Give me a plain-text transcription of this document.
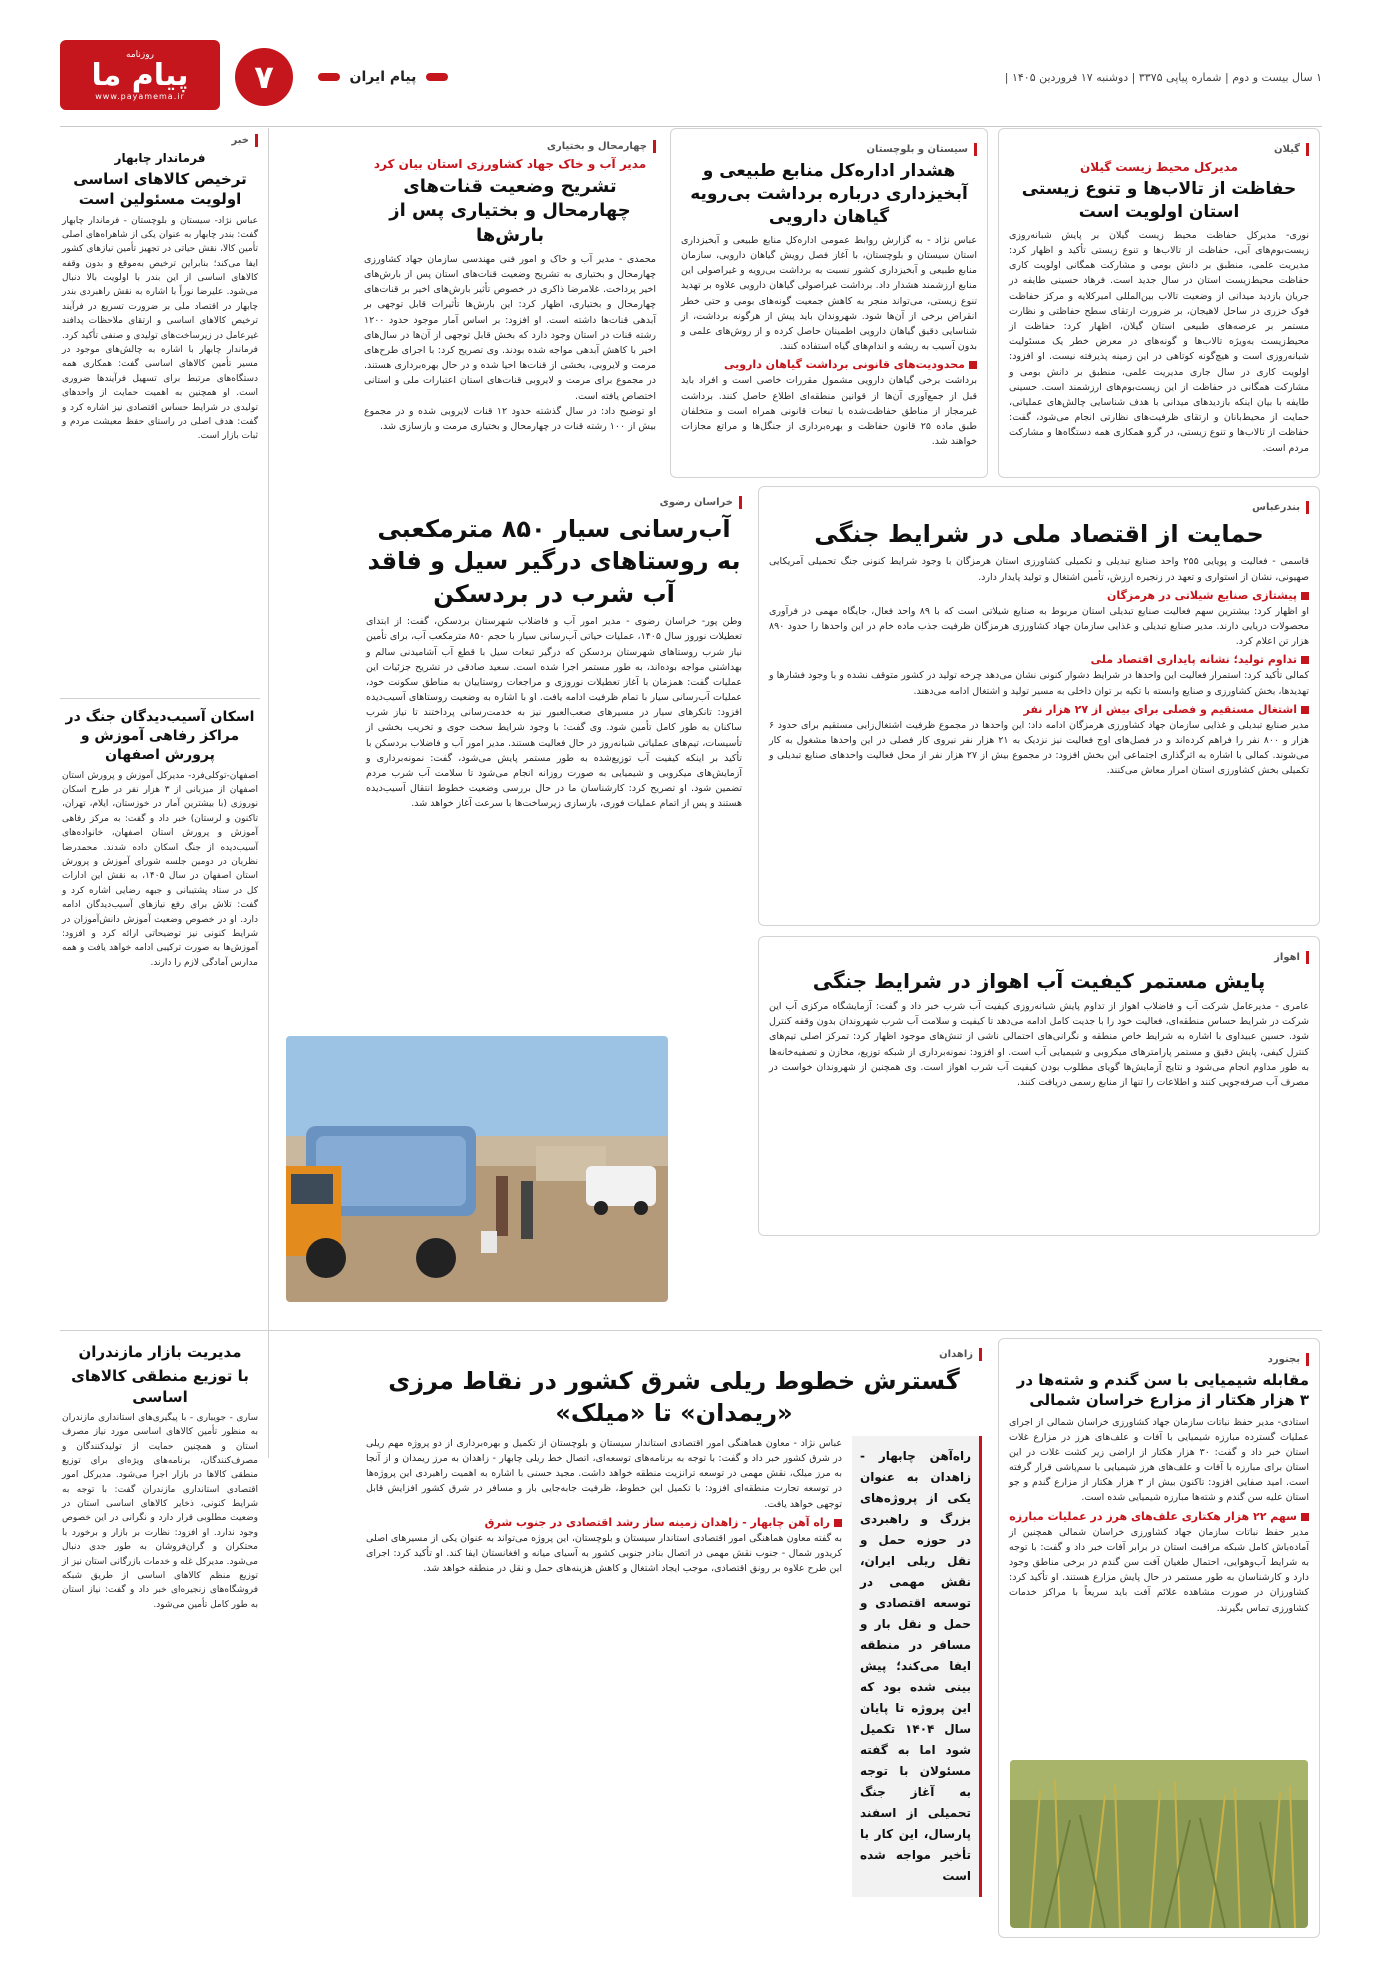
روزنامه
پیام ما
www.payamema.ir	۷	۱ سال بیست و دوم | شماره پیاپی ۳۳۷۵ | دوشنبه ۱۷ فروردین ۱۴۰۵ |
پیام ایران
گیلان
مدیرکل محیط زیست گیلان
حفاظت از تالاب‌ها و تنوع زیستی استان اولویت است

نوری- مدیرکل حفاظت محیط زیست گیلان بر پایش شبانه‌روزی زیست‌بوم‌های آبی، حفاظت از تالاب‌ها و تنوع زیستی تأکید و اظهار کرد: مدیریت علمی، منطبق بر دانش بومی و مشارکت همگانی اولویت کاری حفاظت محیط‌زیست استان در سال جدید است. فرهاد حسینی طایفه در جریان بازدید میدانی از وضعیت تالاب بین‌المللی امیرکلایه و مرکز حفاظت فوک خزری در ساحل لاهیجان، بر ضرورت ارتقای سطح حفاظتی و نظارت مستمر بر عرصه‌های طبیعی استان گیلان، اظهار کرد: حفاظت از محیط‌زیست به‌ویژه تالاب‌ها و گونه‌های در معرض خطر یک مسئولیت شبانه‌روزی است و هیچ‌گونه کوتاهی در این زمینه پذیرفته نیست. او افزود: اولویت کاری در سال جاری مدیریت علمی، منطبق بر دانش بومی و مشارکت همگانی در حفاظت از این زیست‌بوم‌های ارزشمند است. حسینی طایفه با بیان اینکه بازدیدهای میدانی با هدف شناسایی چالش‌های عملیاتی، حمایت از محیط‌بانان و ارتقای ظرفیت‌های نظارتی انجام می‌شود، گفت: حفاظت از تالاب‌ها و تنوع زیستی، در گرو همکاری همه دستگاه‌ها و مشارکت مردم است.

سیستان و بلوچستان
هشدار اداره‌کل منابع طبیعی و آبخیزداری درباره برداشت بی‌رویه گیاهان دارویی

عباس نژاد - به گزارش روابط عمومی اداره‌کل منابع طبیعی و آبخیزداری استان سیستان و بلوچستان، با آغاز فصل رویش گیاهان دارویی، سازمان منابع طبیعی و آبخیزداری کشور نسبت به برداشت بی‌رویه و غیراصولی این منابع ارزشمند هشدار داد. برداشت غیراصولی گیاهان دارویی علاوه بر تهدید تنوع زیستی، می‌تواند منجر به کاهش جمعیت گونه‌های بومی و حتی خطر انقراض برخی از آن‌ها شود. شهروندان باید پیش از هرگونه برداشت، از شناسایی دقیق گیاهان دارویی اطمینان حاصل کرده و از روش‌های علمی و بدون آسیب به ریشه و اندام‌های گیاه استفاده کنند.

محدودیت‌های قانونی برداشت گیاهان دارویی

برداشت برخی گیاهان دارویی مشمول مقررات خاصی است و افراد باید قبل از جمع‌آوری آن‌ها از قوانین منطقه‌ای اطلاع حاصل کنند. برداشت غیرمجاز از مناطق حفاظت‌شده با تبعات قانونی همراه است و متخلفان طبق ماده ۲۵ قانون حفاظت و بهره‌برداری از جنگل‌ها و مراتع مجازات خواهند شد.

چهارمحال و بختیاری
مدیر آب و خاک جهاد کشاورزی استان بیان کرد
تشریح وضعیت قنات‌های چهارمحال و بختیاری پس از بارش‌ها

محمدی - مدیر آب و خاک و امور فنی مهندسی سازمان جهاد کشاورزی چهارمحال و بختیاری به تشریح وضعیت قنات‌های استان پس از بارش‌های اخیر پرداخت. غلامرضا ذاکری در خصوص تأثیر بارش‌های اخیر بر قنات‌های چهارمحال و بختیاری، اظهار کرد: این بارش‌ها تأثیرات قابل توجهی بر آبدهی قنات‌ها داشته است. او افزود: بر اساس آمار موجود حدود ۱۲۰۰ رشته قنات در استان وجود دارد که بخش قابل توجهی از آن‌ها در سال‌های اخیر با کاهش آبدهی مواجه شده بودند. وی تصریح کرد: با اجرای طرح‌های مرمت و لایروبی، بخشی از قنات‌ها احیا شده و در حال بهره‌برداری هستند. در مجموع برای مرمت و لایروبی قنات‌های استان اعتبارات ملی و استانی اختصاص یافته است.

او توضیح داد: در سال گذشته حدود ۱۲ قنات لایروبی شده و در مجموع بیش از ۱۰۰ رشته قنات در چهارمحال و بختیاری مرمت و بازسازی شد.

خبر
فرماندار چابهار
ترخیص کالاهای اساسی اولویت مسئولین است

عباس نژاد- سیستان و بلوچستان - فرماندار چابهار گفت: بندر چابهار به عنوان یکی از شاهراه‌های اصلی تأمین کالا، نقش حیاتی در تجهیز تأمین نیازهای کشور ایفا می‌کند؛ بنابراین ترخیص به‌موقع و بدون وقفه کالاهای اساسی از این بندر با اولویت بالا دنبال می‌شود. علیرضا نوراً با اشاره به نقش راهبردی بندر چابهار در اقتصاد ملی بر ضرورت تسریع در فرآیند ترخیص کالاهای اساسی و ارتقای ملاحظات پدافند غیرعامل در زیرساخت‌های تولیدی و صنفی تأکید کرد. فرماندار چابهار با اشاره به چالش‌های موجود در مسیر تأمین کالاهای اساسی گفت: همکاری همه دستگاه‌های مرتبط برای تسهیل فرآیندها ضروری است. او همچنین به اهمیت حمایت از واحدهای تولیدی در شرایط حساس اقتصادی نیز اشاره کرد و گفت: هدف اصلی در راستای حفظ معیشت مردم و ثبات بازار است.

بندرعباس
حمایت از اقتصاد ملی در شرایط جنگی

قاسمی - فعالیت و پویایی ۲۵۵ واحد صنایع تبدیلی و تکمیلی کشاورزی استان هرمزگان با وجود شرایط کنونی جنگ تحمیلی آمریکایی صهیونی، نشان از استواری و تعهد در زنجیره ارزش، تأمین اشتغال و تولید پایدار دارد.

پیشتازی صنایع شیلاتی در هرمزگان

او اظهار کرد: بیشترین سهم فعالیت صنایع تبدیلی استان مربوط به صنایع شیلاتی است که با ۸۹ واحد فعال، جایگاه مهمی در فرآوری محصولات دریایی دارند. مدیر صنایع تبدیلی و غذایی سازمان جهاد کشاورزی هرمزگان ظرفیت جذب ماده خام در این واحدها را حدود ۸۹۰ هزار تن اعلام کرد.

تداوم تولید؛ نشانه پایداری اقتصاد ملی

کمالی تأکید کرد: استمرار فعالیت این واحدها در شرایط دشوار کنونی نشان می‌دهد چرخه تولید در کشور متوقف نشده و با وجود فشارها و تهدیدها، بخش کشاورزی و صنایع وابسته با تکیه بر توان داخلی به مسیر تولید و اشتغال ادامه می‌دهند.

اشتغال مستقیم و فصلی برای بیش از ۲۷ هزار نفر

مدیر صنایع تبدیلی و غذایی سازمان جهاد کشاورزی هرمزگان ادامه داد: این واحدها در مجموع ظرفیت اشتغال‌زایی مستقیم برای حدود ۶ هزار و ۸۰۰ نفر را فراهم کرده‌اند و در فصل‌های اوج فعالیت نیز نزدیک به ۲۱ هزار نفر نیروی کار فصلی در این واحدها مشغول به کار می‌شوند. کمالی با اشاره به اثرگذاری اجتماعی این بخش افزود: در مجموع بیش از ۲۷ هزار نفر از محل فعالیت واحدهای صنایع تبدیلی و تکمیلی بخش کشاورزی استان امرار معاش می‌کنند.

خراسان رضوی
آب‌رسانی سیار ۸۵۰ مترمکعبی به روستاهای درگیر سیل و فاقد آب شرب در بردسکن

وطن پور- خراسان رضوی - مدیر امور آب و فاضلاب شهرستان بردسکن، گفت: از ابتدای تعطیلات نوروز سال ۱۴۰۵، عملیات حیاتی آب‌رسانی سیار با حجم ۸۵۰ مترمکعب آب، برای تأمین نیاز شرب روستاهای شهرستان بردسکن که درگیر تبعات سیل با قطع آب آشامیدنی سالم و بهداشتی مواجه بوده‌اند، به طور مستمر اجرا شده است. سعید صادقی در تشریح جزئیات این عملیات گفت: همزمان با آغاز تعطیلات نوروزی و مراجعات روستاییان به مناطق سکونت خود، عملیات آب‌رسانی سیار با تمام ظرفیت ادامه یافت. او با اشاره به وضعیت روستاهای آسیب‌دیده افزود: تانکرهای سیار در مسیرهای صعب‌العبور نیز به خدمت‌رسانی پرداختند تا نیاز شرب ساکنان به طور کامل تأمین شود. وی گفت: با وجود شرایط سخت جوی و تخریب بخشی از تأسیسات، تیم‌های عملیاتی شبانه‌روز در حال فعالیت هستند. مدیر امور آب و فاضلاب بردسکن با تأکید بر اینکه کیفیت آب توزیع‌شده به طور مستمر پایش می‌شود، گفت: نمونه‌برداری و آزمایش‌های میکروبی و شیمیایی به صورت روزانه انجام می‌شود تا سلامت آب شرب مردم تضمین شود. او تصریح کرد: کارشناسان ما در حال بررسی وضعیت خطوط انتقال آسیب‌دیده هستند و پس از اتمام عملیات فوری، بازسازی زیرساخت‌ها با سرعت آغاز خواهد شد.

اهواز
پایش مستمر کیفیت آب اهواز در شرایط جنگی

عامری - مدیرعامل شرکت آب و فاضلاب اهواز از تداوم پایش شبانه‌روزی کیفیت آب شرب خبر داد و گفت: آزمایشگاه مرکزی آب این شرکت در شرایط حساس منطقه‌ای، فعالیت خود را با جدیت کامل ادامه می‌دهد تا کیفیت و سلامت آب شرب شهروندان بدون وقفه کنترل شود. حسین عبیداوی با اشاره به شرایط خاص منطقه و نگرانی‌های احتمالی ناشی از تنش‌های موجود اظهار کرد: تمرکز اصلی تیم‌های کنترل کیفی، پایش دقیق و مستمر پارامترهای میکروبی و شیمیایی آب است. او افزود: نمونه‌برداری از شبکه توزیع، مخازن و تصفیه‌خانه‌ها به طور مداوم انجام می‌شود و نتایج آزمایش‌ها گویای مطلوب بودن کیفیت آب شرب اهواز است. وی همچنین از شهروندان خواست در مصرف آب صرفه‌جویی کنند و اطلاعات را تنها از منابع رسمی دریافت کنند.

اسکان آسیب‌دیدگان جنگ در مراکز رفاهی آموزش و پرورش اصفهان

اصفهان-توکلی‌فرد- مدیرکل آموزش و پرورش استان اصفهان از میزبانی از ۳ هزار نفر در طرح اسکان نوروزی (با بیشترین آمار در خوزستان، ایلام، تهران، تاکنون و لرستان) خبر داد و گفت: به مرکز رفاهی آموزش و پرورش استان اصفهان، خانواده‌های آسیب‌دیده از جنگ اسکان داده شدند. محمدرضا نظریان در دومین جلسه شورای آموزش و پرورش استان اصفهان در سال ۱۴۰۵، به نقش این ادارات کل در ستاد پشتیبانی و جبهه رضایی اشاره کرد و گفت: تلاش برای رفع نیازهای آسیب‌دیدگان ادامه دارد. او در خصوص وضعیت آموزش دانش‌آموزان در شرایط کنونی نیز توضیحاتی ارائه کرد و افزود: آموزش‌ها به صورت ترکیبی ادامه خواهد یافت و همه مدارس آمادگی لازم را دارند.

بجنورد
مقابله شیمیایی با سن گندم و شته‌ها در ۳ هزار هکتار از مزارع خراسان شمالی

استادی- مدیر حفظ نباتات سازمان جهاد کشاورزی خراسان شمالی از اجرای عملیات گسترده مبارزه شیمیایی با آفات و علف‌های هرز در مزارع غلات استان خبر داد و گفت: ۳۰ هزار هکتار از اراضی زیر کشت غلات در این استان برای مبارزه با آفات و علف‌های هرز شیمیایی با سم‌پاشی قرار گرفته است. امید صفایی افزود: تاکنون بیش از ۳ هزار هکتار از مزارع گندم و جو استان علیه سن گندم و شته‌ها مبارزه شیمیایی شده است.

سهم ۲۲ هزار هکتاری علف‌های هرز در عملیات مبارزه

مدیر حفظ نباتات سازمان جهاد کشاورزی خراسان شمالی همچنین از آماده‌باش کامل شبکه مراقبت استان در برابر آفات خبر داد و گفت: با توجه به شرایط آب‌وهوایی، احتمال طغیان آفت سن گندم در برخی مناطق وجود دارد و کارشناسان به طور مستمر در حال پایش مزارع هستند. او تأکید کرد: کشاورزان در صورت مشاهده علائم آفت باید سریعاً با مراکز خدمات کشاورزی تماس بگیرند.

زاهدان
گسترش خطوط ریلی شرق کشور در نقاط مرزی «ریمدان» تا «میلک»
راه‌آهن چابهار - زاهدان به عنوان یکی از پروژه‌های بزرگ و راهبردی در حوزه حمل و نقل ریلی ایران، نقش مهمی در توسعه اقتصادی و حمل و نقل بار و مسافر در منطقه ایفا می‌کند؛ پیش بینی شده بود که این پروژه تا پایان سال ۱۴۰۴ تکمیل شود اما به گفته مسئولان با توجه به آغاز جنگ تحمیلی از اسفند پارسال، این کار با تأخیر مواجه شده است

عباس نژاد - معاون هماهنگی امور اقتصادی استاندار سیستان و بلوچستان از تکمیل و بهره‌برداری از دو پروژه مهم ریلی در شرق کشور خبر داد و گفت: با توجه به برنامه‌های توسعه‌ای، اتصال خط ریلی چابهار - زاهدان به مرز ریمدان و از آنجا به مرز میلک، نقش مهمی در توسعه ترانزیت منطقه خواهد داشت. مجید حسنی با اشاره به اهمیت راهبردی این پروژه‌ها در توسعه تجارت منطقه‌ای افزود: با تکمیل این خطوط، ظرفیت جابه‌جایی بار و مسافر در شرق کشور افزایش قابل توجهی خواهد یافت.

راه آهن چابهار - زاهدان زمینه ساز رشد اقتصادی در جنوب شرق

به گفته معاون هماهنگی امور اقتصادی استاندار سیستان و بلوچستان، این پروژه می‌تواند به عنوان یکی از مسیرهای اصلی کریدور شمال - جنوب نقش مهمی در اتصال بنادر جنوبی کشور به آسیای میانه و افغانستان ایفا کند. او تأکید کرد: اجرای این طرح علاوه بر رونق اقتصادی، موجب ایجاد اشتغال و کاهش هزینه‌های حمل و نقل در منطقه خواهد شد.

مدیریت بازار مازندران
با توزیع منطقی کالاهای اساسی

ساری - جویباری - با پیگیری‌های استانداری مازندران به منظور تأمین کالاهای اساسی مورد نیاز مصرف استان و همچنین حمایت از تولیدکنندگان و مصرف‌کنندگان، برنامه‌های ویژه‌ای برای توزیع منطقی کالاها در بازار اجرا می‌شود. مدیرکل امور اقتصادی استانداری مازندران گفت: با توجه به شرایط کنونی، ذخایر کالاهای اساسی استان در وضعیت مطلوبی قرار دارد و نگرانی در این خصوص وجود ندارد. او افزود: نظارت بر بازار و برخورد با محتکران و گران‌فروشان به طور جدی دنبال می‌شود. مدیرکل غله و خدمات بازرگانی استان نیز از توزیع منظم کالاهای اساسی از طریق شبکه فروشگاه‌های زنجیره‌ای خبر داد و گفت: نیاز استان به طور کامل تأمین می‌شود.
